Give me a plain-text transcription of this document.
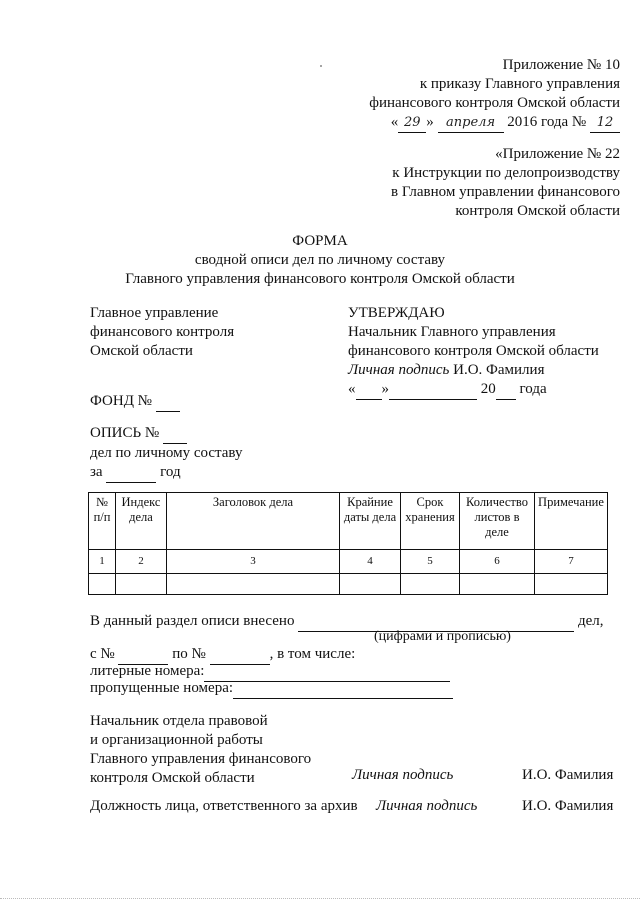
Приложение № 10
к приказу Главного управления
финансового контроля Омской области
« 29 » апреля 2016 года № 12
«Приложение № 22
к Инструкции по делопроизводству
в Главном управлении финансового
контроля Омской области
ФОРМА
сводной описи дел по личному составу
Главного управления финансового контроля Омской области
Главное управление
финансового контроля
Омской области
УТВЕРЖДАЮ
Начальник Главного управления
финансового контроля Омской области
Личная подпись И.О. Фамилия
« »	20 года
ФОНД №
ОПИСЬ №
дел по личному составу
за	год
№ п/п	Индекс дела	Заголовок дела	Крайние даты дела	Срок хранения	Количество листов в деле	Примечание
1	2	3	4	5	6	7

В данный раздел описи внесено	дел,
(цифрами и прописью)
с №	по №	, в том числе:
литерные номера:
пропущенные номера:
Начальник отдела правовой
и организационной работы
Главного управления финансового
контроля Омской области	Личная подпись	И.О. Фамилия
Должность лица, ответственного за архив Личная подпись	И.О. Фамилия
